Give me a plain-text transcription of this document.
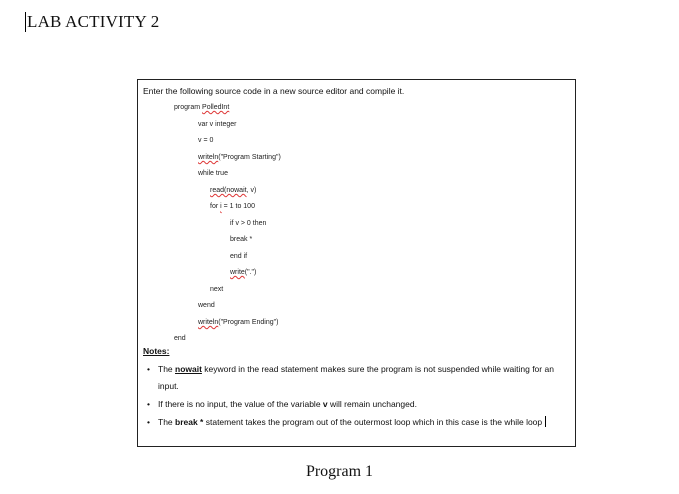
LAB ACTIVITY 2
Enter the following source code in a new source editor and compile it.
program PolledInt
var v integer
v = 0
writeln("Program Starting")
while true
read(nowait, v)
for i = 1 to 100
if v > 0 then
break *
end if
write(".")
next
wend
writeln("Program Ending")
end
Notes:
• The nowait keyword in the read statement makes sure the program is not suspended while waiting for an input.
• If there is no input, the value of the variable v will remain unchanged.
• The break * statement takes the program out of the outermost loop which in this case is the while loop
Program 1
